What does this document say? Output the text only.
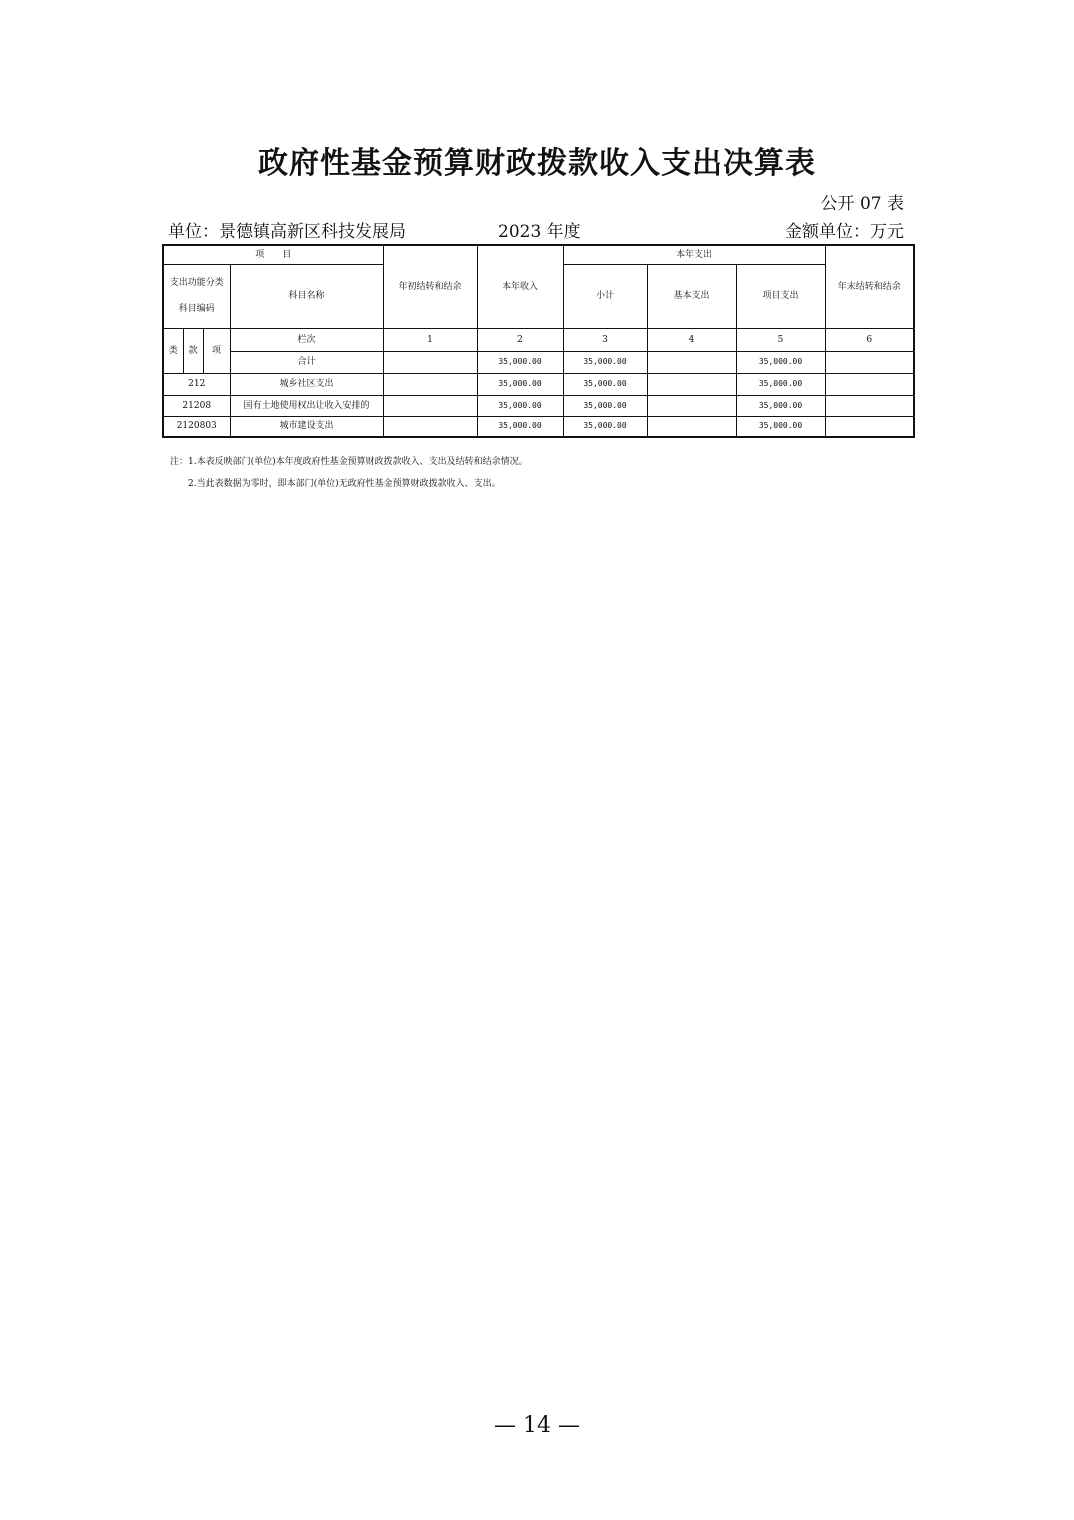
政府性基金预算财政拨款收入支出决算表
公开 07 表
单位：景德镇高新区科技发展局	2023 年度	金额单位：万元
项　　目				年初结转和结余	本年收入	本年支出			年末结转和结余
支出功能分类科目编码			科目名称			小计	基本支出	项目支出	

类	款	项	栏次	1	2	3	4	5	6
			合计		35,000.00	35,000.00		35,000.00	
212			城乡社区支出		35,000.00	35,000.00		35,000.00	
21208			国有土地使用权出让收入安排的		35,000.00	35,000.00		35,000.00	
2120803			城市建设支出		35,000.00	35,000.00		35,000.00	
注：1.本表反映部门(单位)本年度政府性基金预算财政拨款收入、支出及结转和结余情况。
2.当此表数据为零时，即本部门(单位)无政府性基金预算财政拨款收入、支出。
— 14 —
